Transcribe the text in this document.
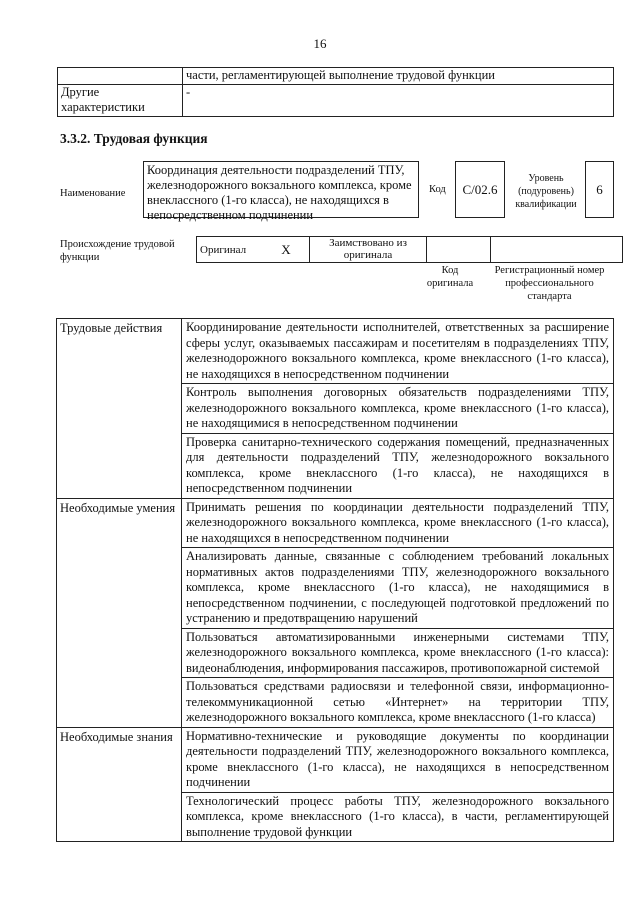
16
	части, регламентирующей выполнение трудовой функции
Другие характеристики	-
3.3.2. Трудовая функция
Наименование
Координация деятельности подразделений ТПУ, железнодорожного вокзального комплекса, кроме внеклассного (1-го класса), не находящихся в непосредственном подчинении
Код	С/02.6
Уровень (подуровень) квалификации
6
Происхождение трудовой функции
Оригинал	X	Заимствовано из оригинала		
Код оригинала
Регистрационный номер профессионального стандарта
Трудовые действия	Координирование деятельности исполнителей, ответственных за расширение сферы услуг, оказываемых пассажирам и посетителям в подразделениях ТПУ, железнодорожного вокзального комплекса, кроме внеклассного (1-го класса), не находящихся в непосредственном подчинении
	Контроль выполнения договорных обязательств подразделениями ТПУ, железнодорожного вокзального комплекса, кроме внеклассного (1-го класса), не находящимися в непосредственном подчинении
	Проверка санитарно-технического содержания помещений, предназначенных для деятельности подразделений ТПУ, железнодорожного вокзального комплекса, кроме внеклассного (1-го класса), не находящихся в непосредственном подчинении
Необходимые умения	Принимать решения по координации деятельности подразделений ТПУ, железнодорожного вокзального комплекса, кроме внеклассного (1-го класса), не находящихся в непосредственном подчинении
	Анализировать данные, связанные с соблюдением требований локальных нормативных актов подразделениями ТПУ, железнодорожного вокзального комплекса, кроме внеклассного (1-го класса), не находящимися в непосредственном подчинении, с последующей подготовкой предложений по устранению и предотвращению нарушений
	Пользоваться автоматизированными инженерными системами ТПУ, железнодорожного вокзального комплекса, кроме внеклассного (1-го класса): видеонаблюдения, информирования пассажиров, противопожарной системой
	Пользоваться средствами радиосвязи и телефонной связи, информационно-телекоммуникационной сетью «Интернет» на территории ТПУ, железнодорожного вокзального комплекса, кроме внеклассного (1-го класса)
Необходимые знания	Нормативно-технические и руководящие документы по координации деятельности подразделений ТПУ, железнодорожного вокзального комплекса, кроме внеклассного (1-го класса), не находящихся в непосредственном подчинении
	Технологический процесс работы ТПУ, железнодорожного вокзального комплекса, кроме внеклассного (1-го класса), в части, регламентирующей выполнение трудовой функции
